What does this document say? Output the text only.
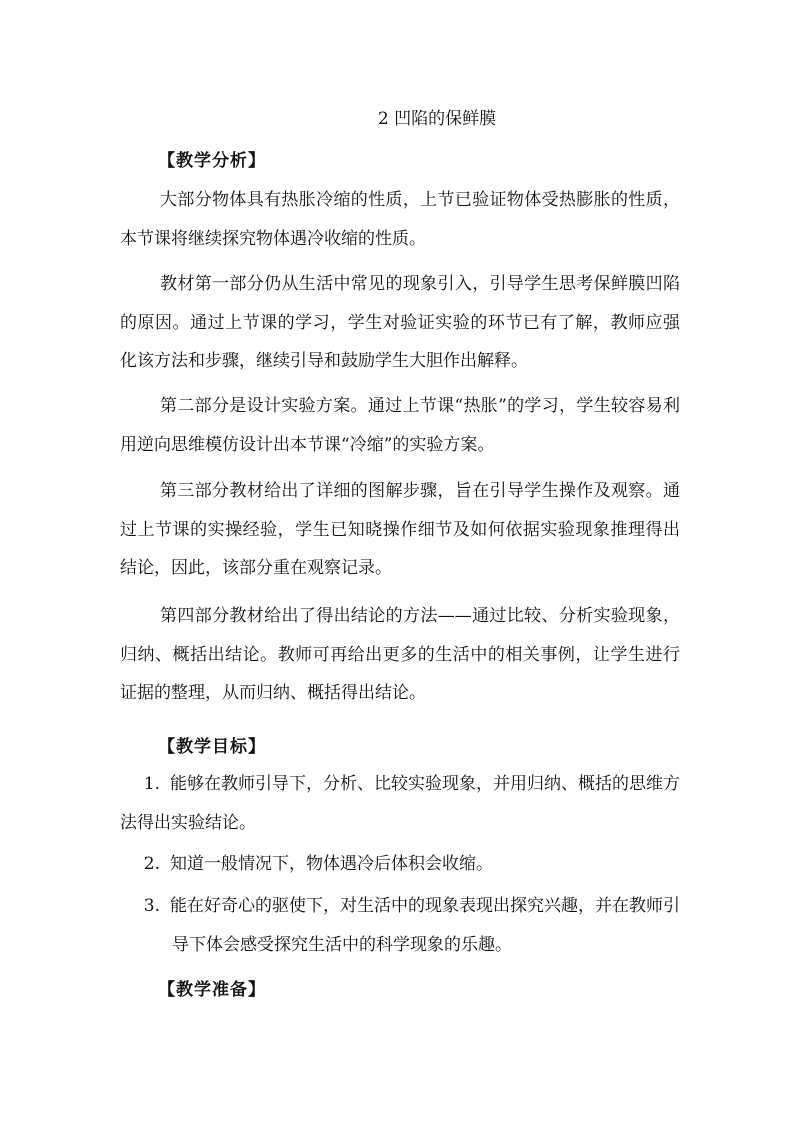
2 凹陷的保鲜膜
【教学分析】
大部分物体具有热胀冷缩的性质，上节已验证物体受热膨胀的性质，本节课将继续探究物体遇冷收缩的性质。
教材第一部分仍从生活中常见的现象引入，引导学生思考保鲜膜凹陷的原因。通过上节课的学习，学生对验证实验的环节已有了解，教师应强化该方法和步骤，继续引导和鼓励学生大胆作出解释。
第二部分是设计实验方案。通过上节课“热胀”的学习，学生较容易利用逆向思维模仿设计出本节课“冷缩”的实验方案。
第三部分教材给出了详细的图解步骤，旨在引导学生操作及观察。通过上节课的实操经验，学生已知晓操作细节及如何依据实验现象推理得出结论，因此，该部分重在观察记录。
第四部分教材给出了得出结论的方法——通过比较、分析实验现象，归纳、概括出结论。教师可再给出更多的生活中的相关事例，让学生进行证据的整理，从而归纳、概括得出结论。
【教学目标】
1. 能够在教师引导下，分析、比较实验现象，并用归纳、概括的思维方法得出实验结论。
2. 知道一般情况下，物体遇冷后体积会收缩。
3. 能在好奇心的驱使下，对生活中的现象表现出探究兴趣，并在教师引导下体会感受探究生活中的科学现象的乐趣。
【教学准备】
